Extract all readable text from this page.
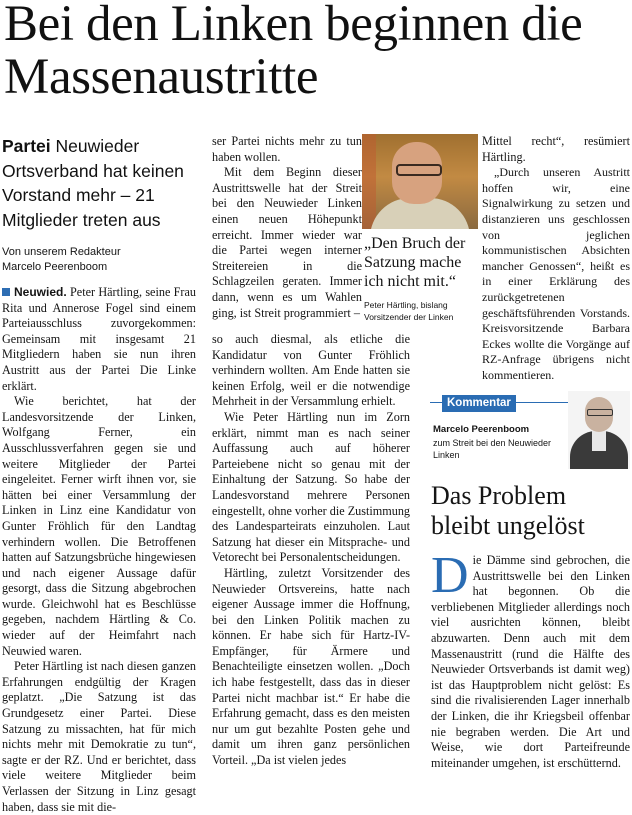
Bei den Linken beginnen die Massenaustritte

Partei Neuwieder Ortsverband hat keinen Vorstand mehr – 21 Mitglieder treten aus

Von unserem Redakteur
Marcelo Peerenboom

Neuwied. Peter Härtling, seine Frau Rita und Annerose Fogel sind einem Parteiausschluss zuvorgekommen: Gemeinsam mit insgesamt 21 Mitgliedern haben sie nun ihren Austritt aus der Partei Die Linke erklärt.

Wie berichtet, hat der Landesvorsitzende der Linken, Wolfgang Ferner, ein Ausschlussverfahren gegen sie und weitere Mitglieder der Partei eingeleitet. Ferner wirft ihnen vor, sie hätten bei einer Versammlung der Linken in Linz eine Kandidatur von Gunter Fröhlich für den Landtag verhindern wollen. Die Betroffenen hatten auf Satzungsbrüche hingewiesen und nach eigener Aussage dafür gesorgt, dass die Sitzung abgebrochen wurde. Gleichwohl hat es Beschlüsse gegeben, nachdem Härtling & Co. wieder auf der Heimfahrt nach Neuwied waren.

Peter Härtling ist nach diesen ganzen Erfahrungen endgültig der Kragen geplatzt. „Die Satzung ist das Grundgesetz einer Partei. Diese Satzung zu missachten, hat für mich nichts mehr mit Demokratie zu tun“, sagte er der RZ. Und er berichtet, dass viele weitere Mitglieder beim Verlassen der Sitzung in Linz gesagt haben, dass sie mit die-

ser Partei nichts mehr zu tun haben wollen.

Mit dem Beginn dieser Austrittswelle hat der Streit bei den Neuwieder Linken einen neuen Höhepunkt erreicht. Immer wieder war die Partei wegen interner Streitereien in die Schlagzeilen geraten. Immer dann, wenn es um Wahlen ging, ist Streit programmiert –

„Den Bruch der Satzung mache ich nicht mit.“

Peter Härtling, bislang Vorsitzender der Linken

so auch diesmal, als etliche die Kandidatur von Gunter Fröhlich verhindern wollten. Am Ende hatten sie keinen Erfolg, weil er die notwendige Mehrheit in der Versammlung erhielt.

Wie Peter Härtling nun im Zorn erklärt, nimmt man es nach seiner Auffassung auch auf höherer Parteiebene nicht so genau mit der Einhaltung der Satzung. So habe der Landesvorstand mehrere Personen eingestellt, ohne vorher die Zustimmung des Landesparteirats einzuholen. Laut Satzung hat dieser ein Mitsprache- und Vetorecht bei Personalentscheidungen.

Härtling, zuletzt Vorsitzender des Neuwieder Ortsvereins, hatte nach eigener Aussage immer die Hoffnung, bei den Linken Politik machen zu können. Er habe sich für Hartz-IV-Empfänger, für Ärmere und Benachteiligte einsetzen wollen. „Doch ich habe festgestellt, dass das in dieser Partei nicht machbar ist.“ Er habe die Erfahrung gemacht, dass es den meisten nur um gut bezahlte Posten gehe und damit um ihren ganz persönlichen Vorteil. „Da ist vielen jedes

Mittel recht“, resümiert Härtling.

„Durch unseren Austritt hoffen wir, eine Signalwirkung zu setzen und distanzieren uns geschlossen von jeglichen kommunistischen Absichten mancher Genossen“, heißt es in einer Erklärung des zurückgetretenen geschäftsführenden Vorstands. Kreisvorsitzende Barbara Eckes wollte die Vorgänge auf RZ-Anfrage übrigens nicht kommentieren.

Kommentar
Marcelo Peerenboom
zum Streit bei den Neuwieder Linken
Das Problem bleibt ungelöst

Die Dämme sind gebrochen, die Austrittswelle bei den Linken hat begonnen. Ob die verbliebenen Mitglieder allerdings noch viel ausrichten können, bleibt abzuwarten. Denn auch mit dem Massenaustritt (rund die Hälfte des Neuwieder Ortsverbands ist damit weg) ist das Hauptproblem nicht gelöst: Es sind die rivalisierenden Lager innerhalb der Linken, die ihr Kriegsbeil offenbar nie begraben werden. Die Art und Weise, wie dort Parteifreunde miteinander umgehen, ist erschütternd.
